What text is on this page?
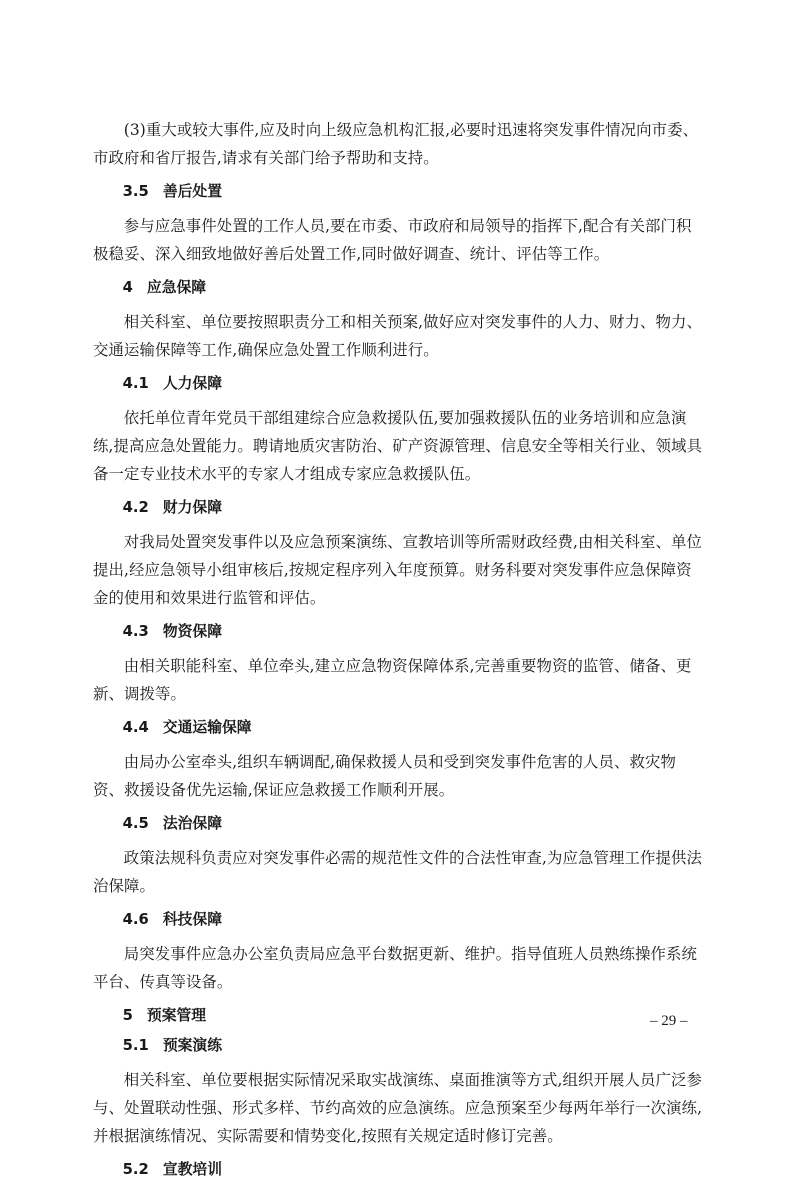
(3)重大或较大事件,应及时向上级应急机构汇报,必要时迅速将突发事件情况向市委、市政府和省厅报告,请求有关部门给予帮助和支持。

3.5 善后处置

参与应急事件处置的工作人员,要在市委、市政府和局领导的指挥下,配合有关部门积极稳妥、深入细致地做好善后处置工作,同时做好调查、统计、评估等工作。

4 应急保障

相关科室、单位要按照职责分工和相关预案,做好应对突发事件的人力、财力、物力、交通运输保障等工作,确保应急处置工作顺利进行。

4.1 人力保障

依托单位青年党员干部组建综合应急救援队伍,要加强救援队伍的业务培训和应急演练,提高应急处置能力。聘请地质灾害防治、矿产资源管理、信息安全等相关行业、领域具备一定专业技术水平的专家人才组成专家应急救援队伍。

4.2 财力保障

对我局处置突发事件以及应急预案演练、宣教培训等所需财政经费,由相关科室、单位提出,经应急领导小组审核后,按规定程序列入年度预算。财务科要对突发事件应急保障资金的使用和效果进行监管和评估。

4.3 物资保障

由相关职能科室、单位牵头,建立应急物资保障体系,完善重要物资的监管、储备、更新、调拨等。

4.4 交通运输保障

由局办公室牵头,组织车辆调配,确保救援人员和受到突发事件危害的人员、救灾物资、救援设备优先运输,保证应急救援工作顺利开展。

4.5 法治保障

政策法规科负责应对突发事件必需的规范性文件的合法性审查,为应急管理工作提供法治保障。

4.6 科技保障

局突发事件应急办公室负责局应急平台数据更新、维护。指导值班人员熟练操作系统平台、传真等设备。

5 预案管理
5.1 预案演练

相关科室、单位要根据实际情况采取实战演练、桌面推演等方式,组织开展人员广泛参与、处置联动性强、形式多样、节约高效的应急演练。应急预案至少每两年举行一次演练,并根据演练情况、实际需要和情势变化,按照有关规定适时修订完善。

5.2 宣教培训
– 29 –
